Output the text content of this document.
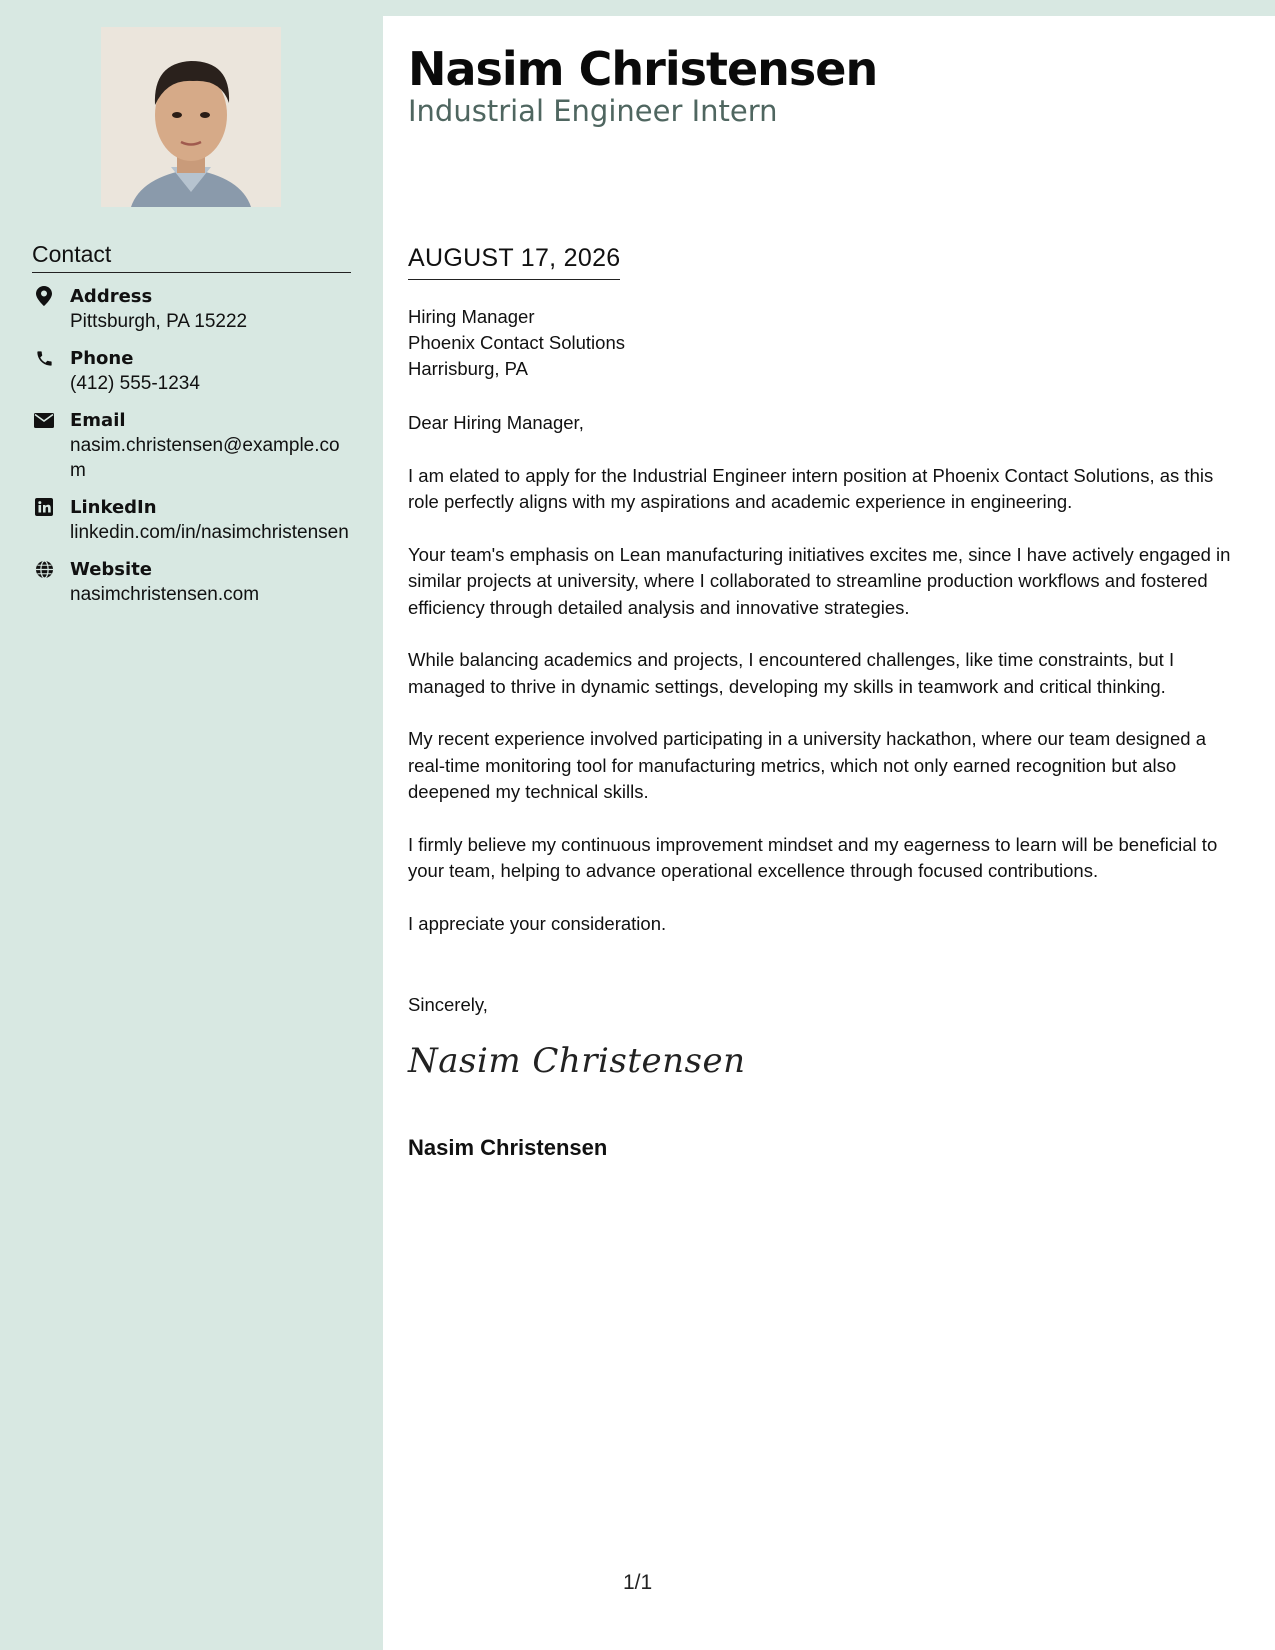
Contact
Address
Pittsburgh, PA 15222
Phone
(412) 555-1234
Email
nasim.christensen@example.com
LinkedIn
linkedin.com/in/nasimchristensen
Website
nasimchristensen.com
Nasim Christensen
Industrial Engineer Intern
AUGUST 17, 2026
Hiring Manager
Phoenix Contact Solutions
Harrisburg, PA

Dear Hiring Manager,

I am elated to apply for the Industrial Engineer intern position at Phoenix Contact Solutions, as this role perfectly aligns with my aspirations and academic experience in engineering.

Your team's emphasis on Lean manufacturing initiatives excites me, since I have actively engaged in similar projects at university, where I collaborated to streamline production workflows and fostered efficiency through detailed analysis and innovative strategies.

While balancing academics and projects, I encountered challenges, like time constraints, but I managed to thrive in dynamic settings, developing my skills in teamwork and critical thinking.

My recent experience involved participating in a university hackathon, where our team designed a real-time monitoring tool for manufacturing metrics, which not only earned recognition but also deepened my technical skills.

I firmly believe my continuous improvement mindset and my eagerness to learn will be beneficial to your team, helping to advance operational excellence through focused contributions.

I appreciate your consideration.

Sincerely,
Nasim Christensen
Nasim Christensen
1/1
